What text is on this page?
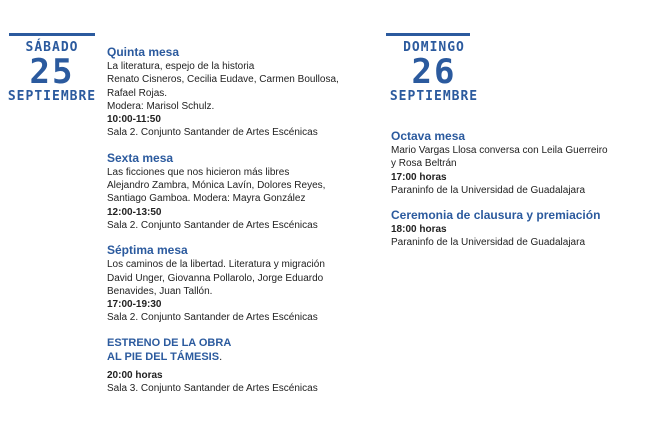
SÁBADO
25
SEPTIEMBRE
Quinta mesa
La literatura, espejo de la historia
Renato Cisneros, Cecilia Eudave, Carmen Boullosa,
Rafael Rojas.
Modera: Marisol Schulz.
10:00-11:50
Sala 2. Conjunto Santander de Artes Escénicas
Sexta mesa
Las ficciones que nos hicieron más libres
Alejandro Zambra, Mónica Lavín, Dolores Reyes,
Santiago Gamboa. Modera: Mayra González
12:00-13:50
Sala 2. Conjunto Santander de Artes Escénicas
Séptima mesa
Los caminos de la libertad. Literatura y migración
David Unger, Giovanna Pollarolo, Jorge Eduardo
Benavides, Juan Tallón.
17:00-19:30
Sala 2. Conjunto Santander de Artes Escénicas
ESTRENO DE LA OBRA
AL PIE DEL TÁMESIS.
20:00 horas
Sala 3. Conjunto Santander de Artes Escénicas
DOMINGO
26
SEPTIEMBRE
Octava mesa
Mario Vargas Llosa conversa con Leila Guerreiro
y Rosa Beltrán
17:00 horas
Paraninfo de la Universidad de Guadalajara
Ceremonia de clausura y premiación
18:00 horas
Paraninfo de la Universidad de Guadalajara
